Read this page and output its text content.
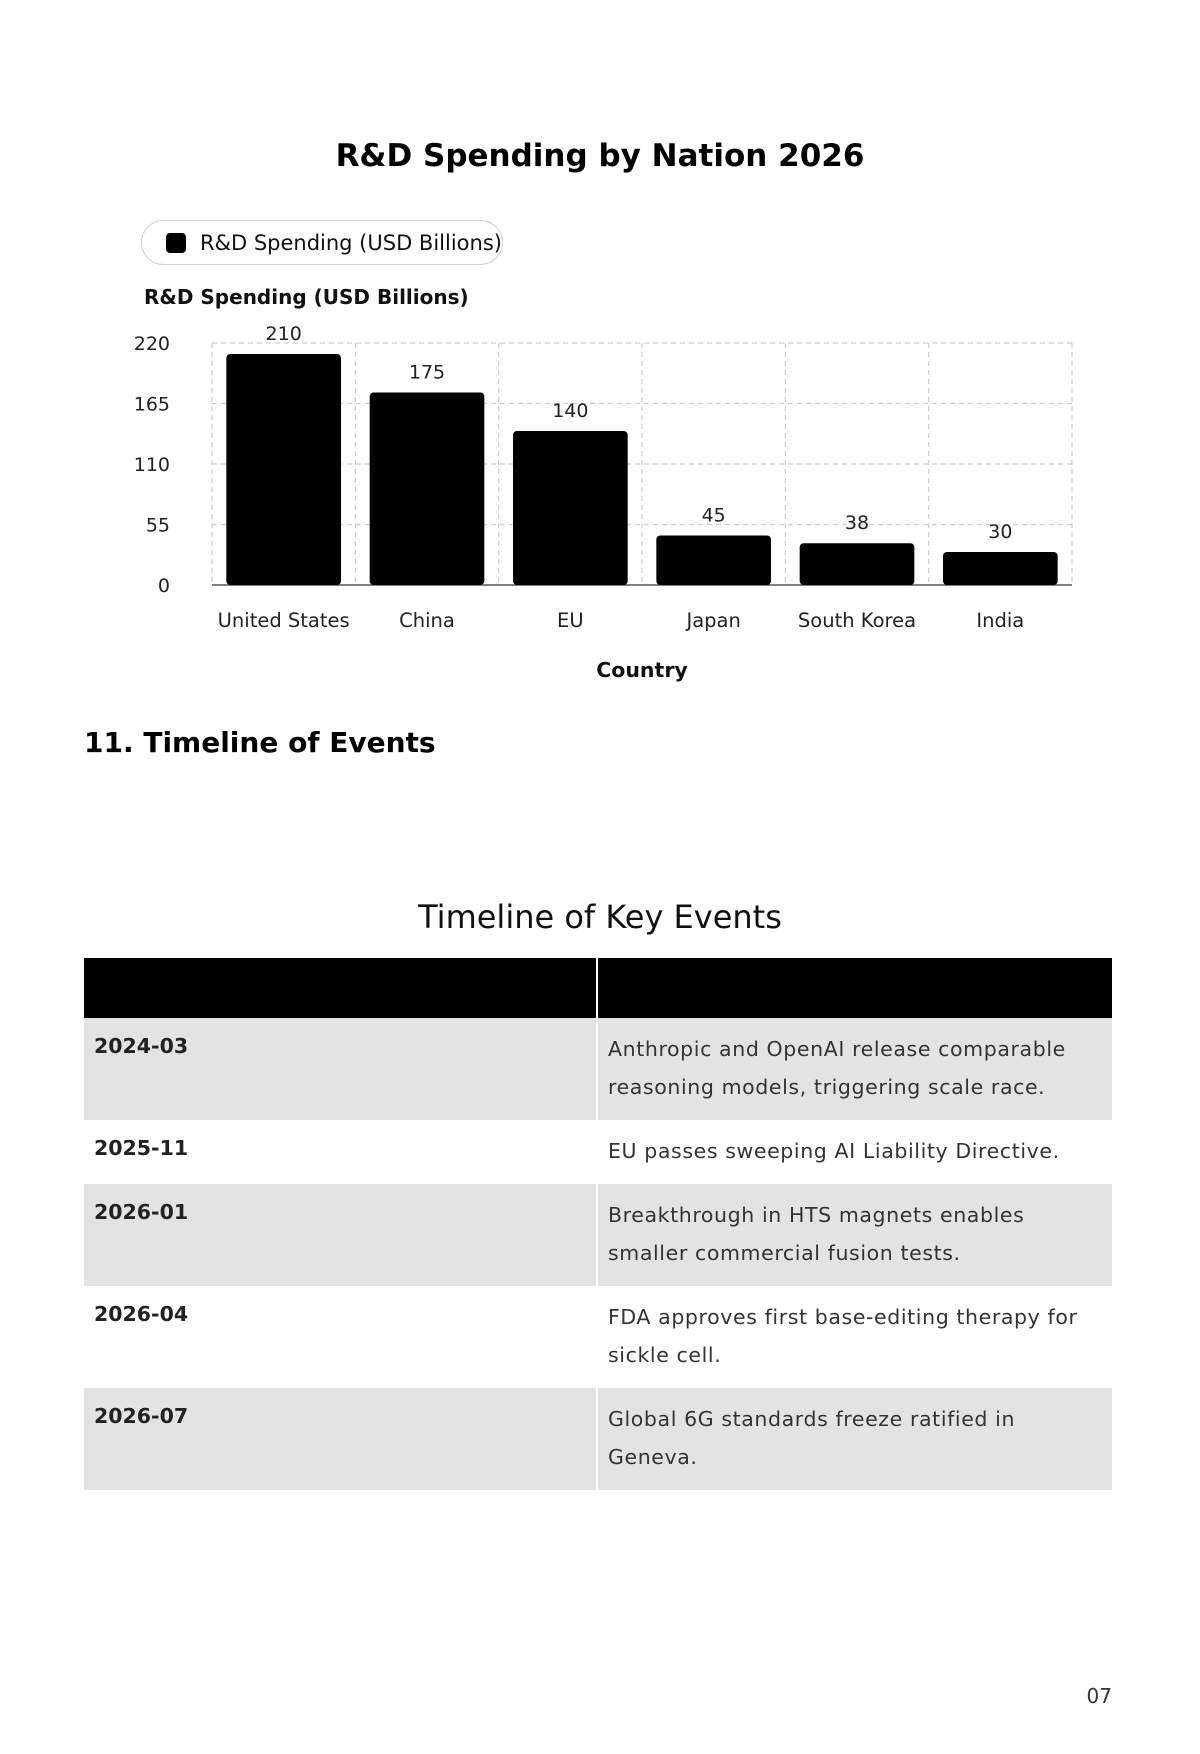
R&D Spending by Nation 2026
R&D Spending (USD Billions)
0
55
110
165
220	210
United States
175
China
140
EU
45
Japan
38
South Korea
30
India
R&D Spending (USD Billions)
Country
11. Timeline of Events
Timeline of Key Events

2024-03	Anthropic and OpenAI release comparable reasoning models, triggering scale race.
2025-11	EU passes sweeping AI Liability Directive.
2026-01	Breakthrough in HTS magnets enables smaller commercial fusion tests.
2026-04	FDA approves first base-editing therapy for sickle cell.
2026-07	Global 6G standards freeze ratified in Geneva.
07
